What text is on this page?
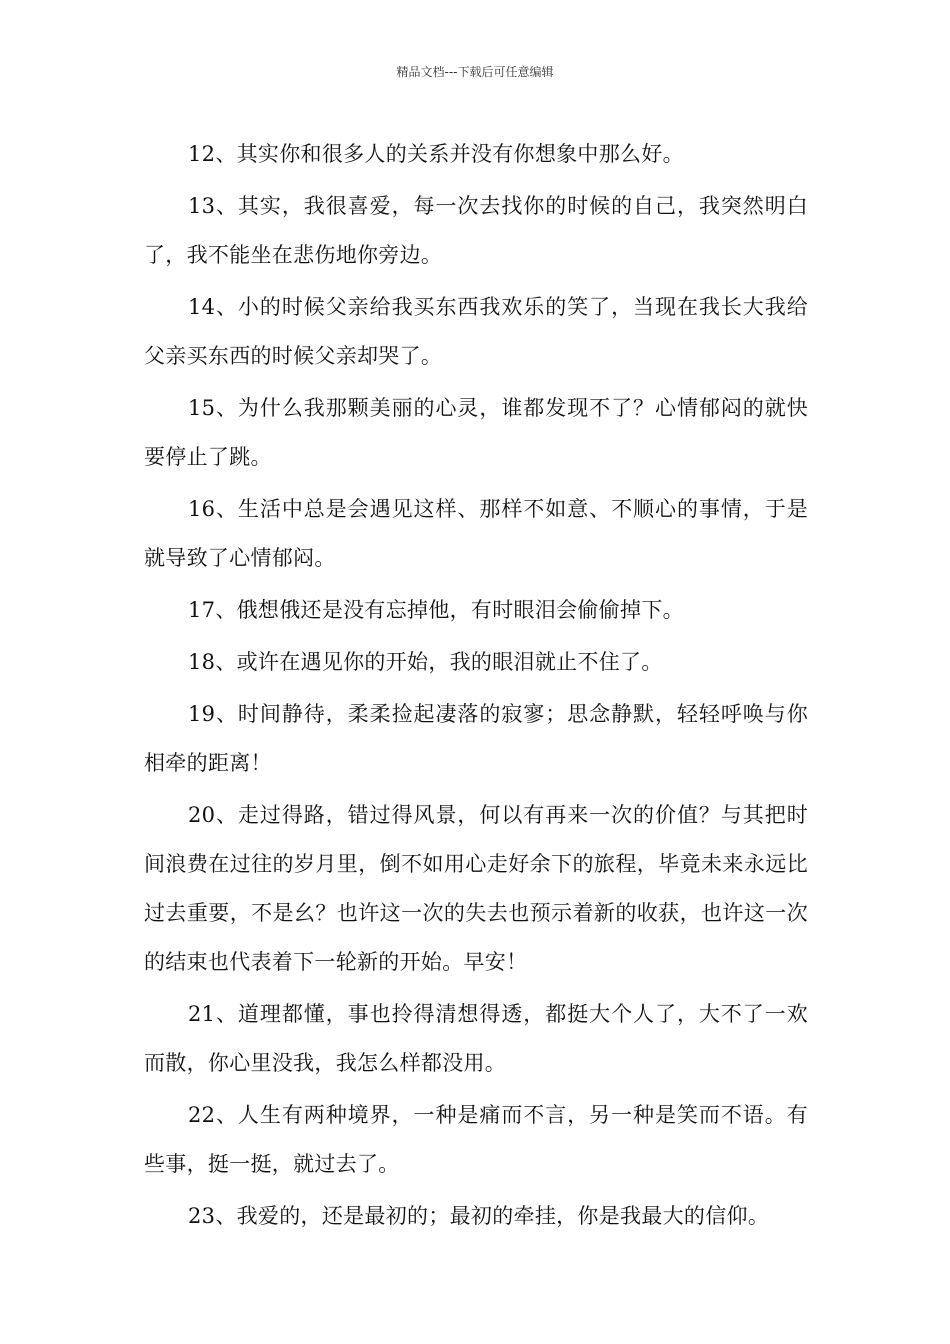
精品文档---下载后可任意编辑

12、其实你和很多人的关系并没有你想象中那么好。

13、其实，我很喜爱，每一次去找你的时候的自己，我突然明白了，我不能坐在悲伤地你旁边。

14、小的时候父亲给我买东西我欢乐的笑了，当现在我长大我给父亲买东西的时候父亲却哭了。

15、为什么我那颗美丽的心灵，谁都发现不了？心情郁闷的就快要停止了跳。

16、生活中总是会遇见这样、那样不如意、不顺心的事情，于是就导致了心情郁闷。

17、俄想俄还是没有忘掉他，有时眼泪会偷偷掉下。

18、或许在遇见你的开始，我的眼泪就止不住了。

19、时间静待，柔柔捡起凄落的寂寥；思念静默，轻轻呼唤与你相牵的距离！

20、走过得路，错过得风景，何以有再来一次的价值？与其把时间浪费在过往的岁月里，倒不如用心走好余下的旅程，毕竟未来永远比过去重要，不是幺？也许这一次的失去也预示着新的收获，也许这一次的结束也代表着下一轮新的开始。早安！

21、道理都懂，事也拎得清想得透，都挺大个人了，大不了一欢而散，你心里没我，我怎么样都没用。

22、人生有两种境界，一种是痛而不言，另一种是笑而不语。有些事，挺一挺，就过去了。

23、我爱的，还是最初的；最初的牵挂，你是我最大的信仰。
